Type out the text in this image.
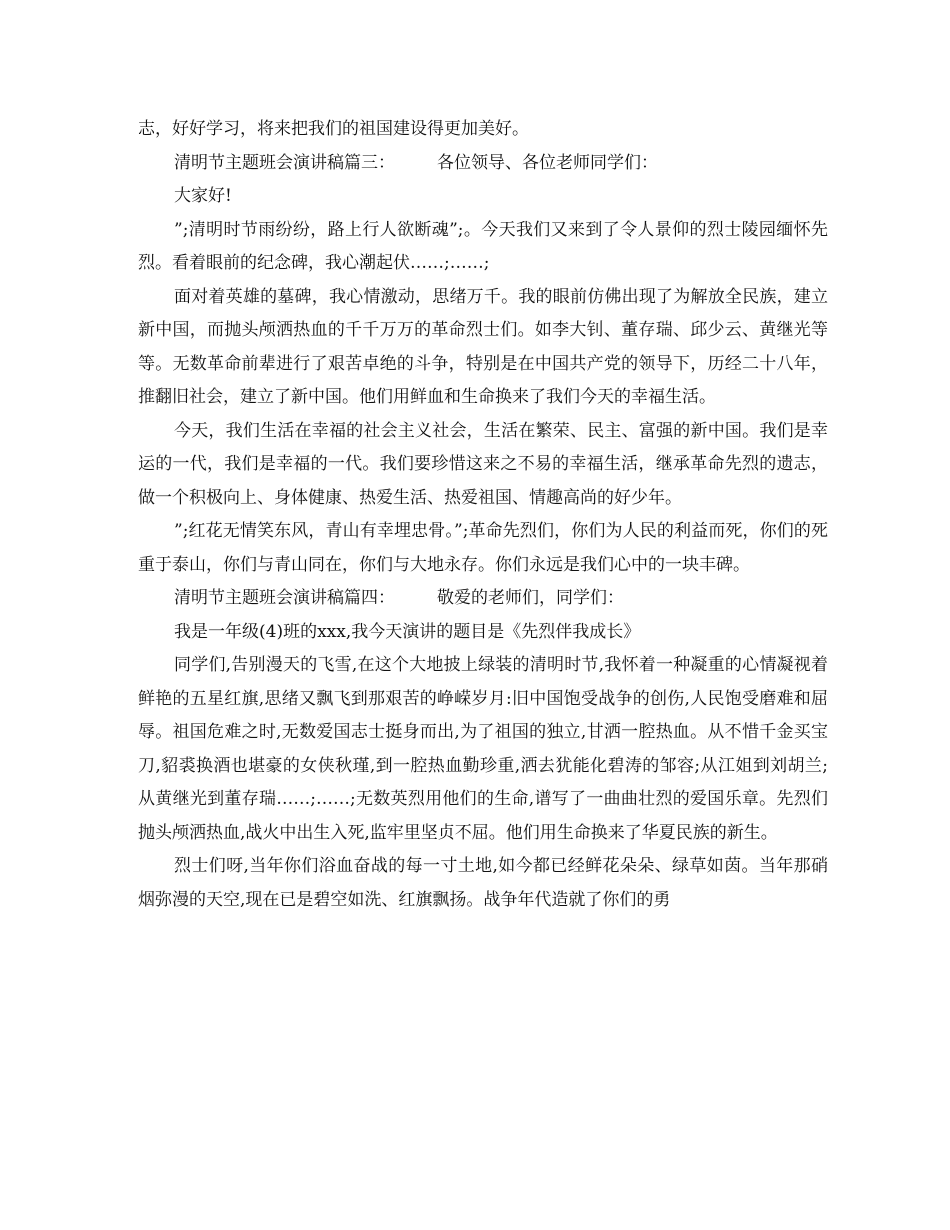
志，好好学习，将来把我们的祖国建设得更加美好。

清明节主题班会演讲稿篇三： 各位领导、各位老师同学们：

大家好!

”;清明时节雨纷纷，路上行人欲断魂”;。今天我们又来到了令人景仰的烈士陵园缅怀先烈。看着眼前的纪念碑，我心潮起伏……;……;

面对着英雄的墓碑，我心情激动，思绪万千。我的眼前仿佛出现了为解放全民族，建立新中国，而抛头颅洒热血的千千万万的革命烈士们。如李大钊、董存瑞、邱少云、黄继光等等。无数革命前辈进行了艰苦卓绝的斗争，特别是在中国共产党的领导下，历经二十八年，推翻旧社会，建立了新中国。他们用鲜血和生命换来了我们今天的幸福生活。

今天，我们生活在幸福的社会主义社会，生活在繁荣、民主、富强的新中国。我们是幸运的一代，我们是幸福的一代。我们要珍惜这来之不易的幸福生活，继承革命先烈的遗志，做一个积极向上、身体健康、热爱生活、热爱祖国、情趣高尚的好少年。

”;红花无情笑东风，青山有幸埋忠骨。”;革命先烈们，你们为人民的利益而死，你们的死重于泰山，你们与青山同在，你们与大地永存。你们永远是我们心中的一块丰碑。

清明节主题班会演讲稿篇四： 敬爱的老师们，同学们：

我是一年级(4)班的xxx,我今天演讲的题目是《先烈伴我成长》

同学们,告别漫天的飞雪,在这个大地披上绿装的清明时节,我怀着一种凝重的心情凝视着鲜艳的五星红旗,思绪又飘飞到那艰苦的峥嵘岁月:旧中国饱受战争的创伤,人民饱受磨难和屈辱。祖国危难之时,无数爱国志士挺身而出,为了祖国的独立,甘洒一腔热血。从不惜千金买宝刀,貂裘换酒也堪豪的女侠秋瑾,到一腔热血勤珍重,洒去犹能化碧涛的邹容;从江姐到刘胡兰;从黄继光到董存瑞……;……;无数英烈用他们的生命,谱写了一曲曲壮烈的爱国乐章。先烈们抛头颅洒热血,战火中出生入死,监牢里坚贞不屈。他们用生命换来了华夏民族的新生。

烈士们呀,当年你们浴血奋战的每一寸土地,如今都已经鲜花朵朵、绿草如茵。当年那硝烟弥漫的天空,现在已是碧空如洗、红旗飘扬。战争年代造就了你们的勇
